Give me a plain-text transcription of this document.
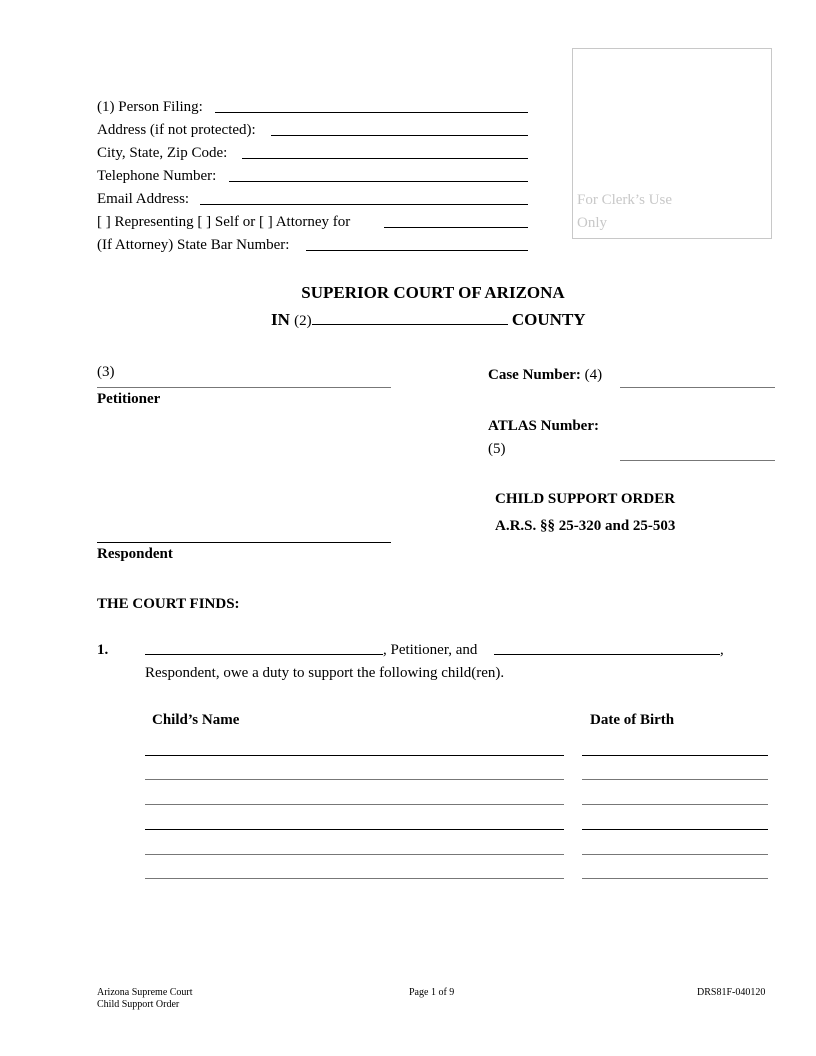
(1) Person Filing:
Address (if not protected):
City, State, Zip Code:
Telephone Number:
Email Address:
[ ] Representing [ ] Self or [ ] Attorney for
(If Attorney) State Bar Number:
For Clerk’s Use
Only
SUPERIOR COURT OF ARIZONA
IN (2)	COUNTY
(3)
Petitioner
Respondent
Case Number: (4)
ATLAS Number:
(5)
CHILD SUPPORT ORDER
A.R.S. §§ 25-320 and 25-503
THE COURT FINDS:
1.	, Petitioner, and	,
Respondent, owe a duty to support the following child(ren).
Child’s Name	Date of Birth
Arizona Supreme Court
Child Support Order
Page 1 of 9	DRS81F-040120
